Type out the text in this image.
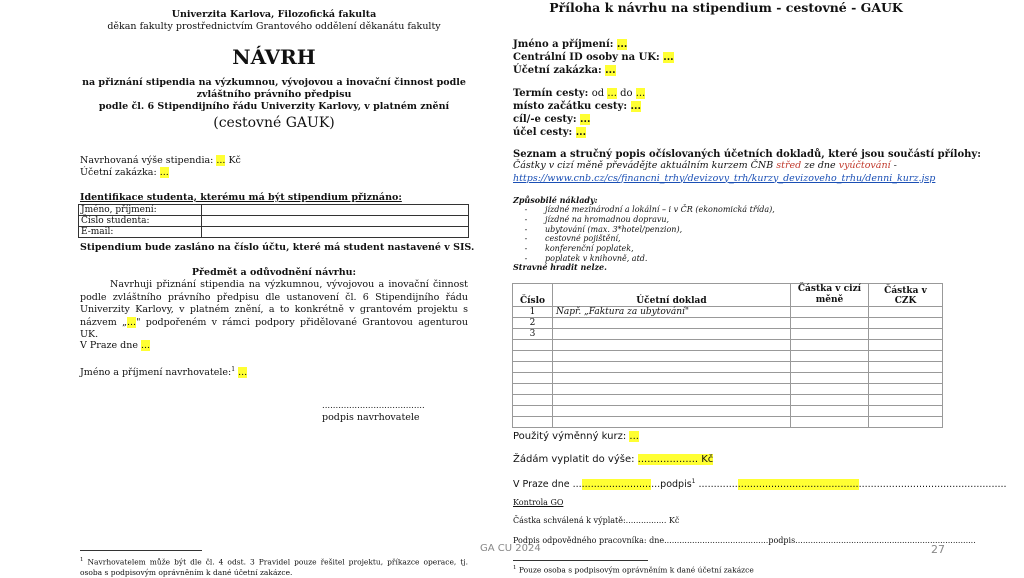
Univerzita Karlova, Filozofická fakulta
děkan fakulty prostřednictvím Grantového oddělení děkanátu fakulty
NÁVRH
na přiznání stipendia na výzkumnou, vývojovou a inovační činnost podle
zvláštního právního předpisu
podle čl. 6 Stipendijního řádu Univerzity Karlovy, v platném znění
(cestovné GAUK)
Navrhovaná výše stipendia: ... Kč
Účetní zakázka: ...
Identifikace studenta, kterému má být stipendium přiznáno:
Jméno, příjmení:	
Číslo studenta:	
E-mail:	
Stipendium bude zasláno na číslo účtu, které má student nastavené v SIS.
Předmět a odůvodnění návrhu:
Navrhuji přiznání stipendia na výzkumnou, vývojovou a inovační činnost podle zvláštního právního předpisu dle ustanovení čl. 6 Stipendijního řádu Univerzity Karlovy, v platném znění, a to konkrétně v grantovém projektu s názvem „..." podpořeném v rámci podpory přidělované Grantovou agenturou UK.
V Praze dne ...
Jméno a příjmení navrhovatele:$^1$ ...
......................................
podpis navrhovatele
$^1$ Navrhovatelem může být dle čl. 4 odst. 3 Pravidel pouze řešitel projektu, příkazce operace, tj. osoba s podpisovým oprávněním k dané účetní zakázce.
Příloha k návrhu na stipendium - cestovné - GAUK
Jméno a příjmení: ...
Centrální ID osoby na UK: ...
Účetní zakázka: ...
Termín cesty: od ... do ...
místo začátku cesty: ...
cíl/-e cesty: ...
účel cesty: ...
Seznam a stručný popis očíslovaných účetních dokladů, které jsou součástí přílohy:
Částky v cizí měně převádějte aktuálním kurzem ČNB střed ze dne vyúčtování -
https://www.cnb.cz/cs/financni_trhy/devizovy_trh/kurzy_devizoveho_trhu/denni_kurz.jsp
Způsobilé náklady:
- jízdné mezinárodní a lokální – i v ČR (ekonomická třída),
- jízdné na hromadnou dopravu,
- ubytování (max. 3*hotel/penzion),
- cestovné pojištění,
- konferenční poplatek,
- poplatek v knihovně, atd.
Stravné hradit nelze.
Číslo	Účetní doklad	Částka v cizí měně	Částka v CZK
1	Např. „Faktura za ubytování"		
2			
3			

Použitý výměnný kurz: ...
Žádám vyplatit do výše: ................... Kč
V Praze dne .............................podpis$^1$ ......................................................................................................
Kontrola GO
Částka schválená k výplatě:................ Kč
Podpis odpovědného pracovníka: dne.........................................podpis.......................................................................
$^1$ Pouze osoba s podpisovým oprávněním k dané účetní zakázce
GA CU 2024	27
